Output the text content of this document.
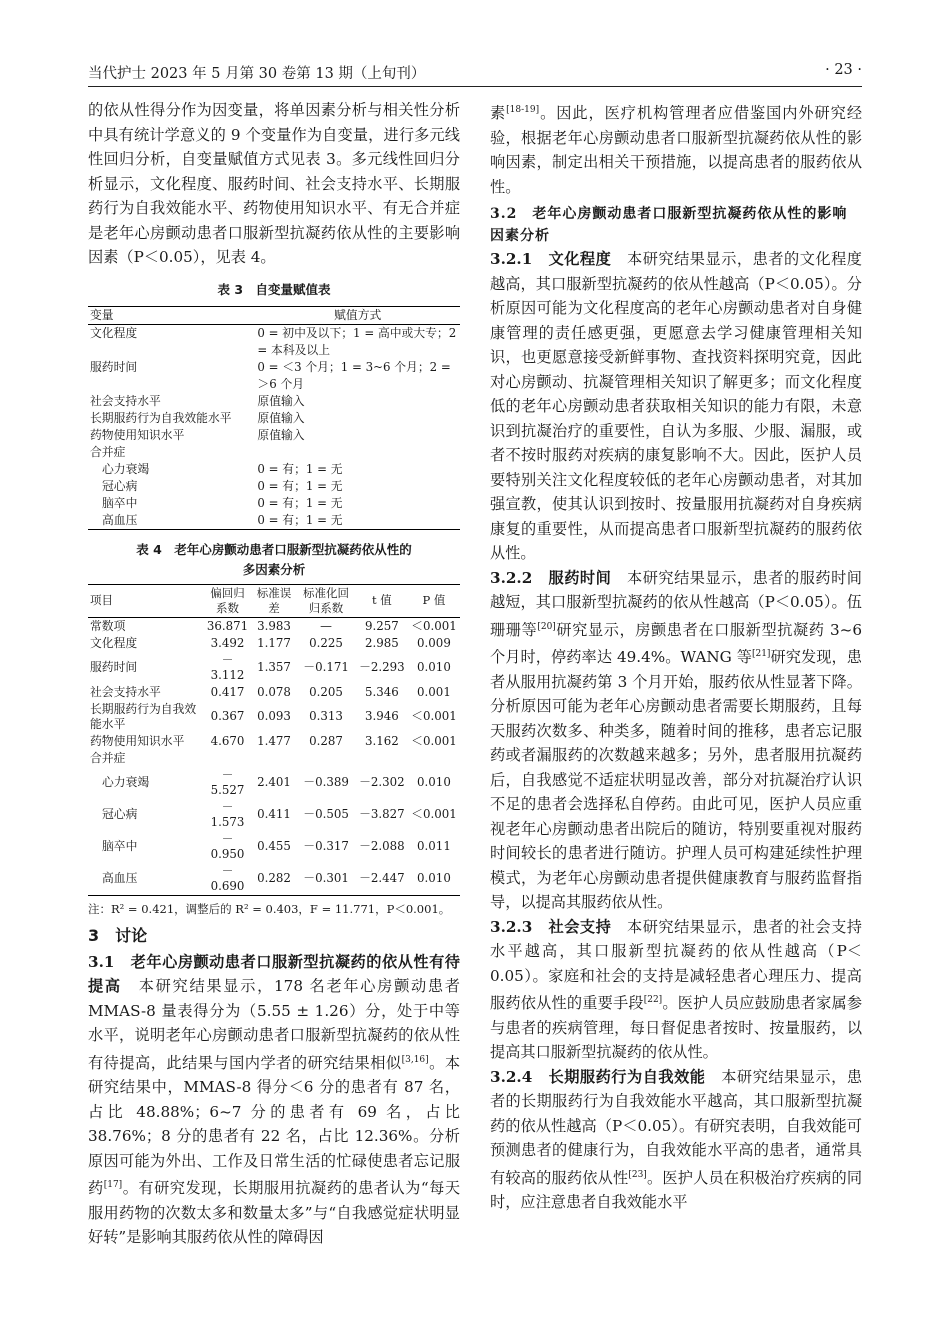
当代护士 2023 年 5 月第 30 卷第 13 期（上旬刊）	· 23 ·

的依从性得分作为因变量，将单因素分析与相关性分析中具有统计学意义的 9 个变量作为自变量，进行多元线性回归分析，自变量赋值方式见表 3。多元线性回归分析显示，文化程度、服药时间、社会支持水平、长期服药行为自我效能水平、药物使用知识水平、有无合并症是老年心房颤动患者口服新型抗凝药依从性的主要影响因素（P＜0.05），见表 4。

表 3　自变量赋值表
变量	赋值方式
文化程度	0 = 初中及以下；1 = 高中或大专；2 = 本科及以上
服药时间	0 = ＜3 个月；1 = 3~6 个月；2 = ＞6 个月
社会支持水平	原值输入
长期服药行为自我效能水平	原值输入
药物使用知识水平	原值输入
合并症	
心力衰竭	0 = 有；1 = 无
冠心病	0 = 有；1 = 无
脑卒中	0 = 有；1 = 无
高血压	0 = 有；1 = 无
表 4　老年心房颤动患者口服新型抗凝药依从性的
多因素分析
项目	偏回归系数	标准误差	标准化回归系数	t 值	P 值
常数项	36.871	3.983	—	9.257	＜0.001
文化程度	3.492	1.177	0.225	2.985	0.009
服药时间	－3.112	1.357	－0.171	－2.293	0.010
社会支持水平	0.417	0.078	0.205	5.346	0.001
长期服药行为自我效能水平	0.367	0.093	0.313	3.946	＜0.001
药物使用知识水平	4.670	1.477	0.287	3.162	＜0.001
合并症					
心力衰竭	－5.527	2.401	－0.389	－2.302	0.010
冠心病	－1.573	0.411	－0.505	－3.827	＜0.001
脑卒中	－0.950	0.455	－0.317	－2.088	0.011
高血压	－0.690	0.282	－0.301	－2.447	0.010
注：R² = 0.421，调整后的 R² = 0.403，F = 11.771，P＜0.001。
3　讨论

3.1　老年心房颤动患者口服新型抗凝药的依从性有待提高　本研究结果显示，178 名老年心房颤动患者 MMAS-8 量表得分为（5.55 ± 1.26）分，处于中等水平，说明老年心房颤动患者口服新型抗凝药的依从性有待提高，此结果与国内学者的研究结果相似[3,16]。本研究结果中，MMAS-8 得分＜6 分的患者有 87 名，占比 48.88%；6~7 分的患者有 69 名，占比 38.76%；8 分的患者有 22 名，占比 12.36%。分析原因可能为外出、工作及日常生活的忙碌使患者忘记服药[17]。有研究发现，长期服用抗凝药的患者认为“每天服用药物的次数太多和数量太多”与“自我感觉症状明显好转”是影响其服药依从性的障碍因

素[18-19]。因此，医疗机构管理者应借鉴国内外研究经验，根据老年心房颤动患者口服新型抗凝药依从性的影响因素，制定出相关干预措施，以提高患者的服药依从性。

3.2　老年心房颤动患者口服新型抗凝药依从性的影响因素分析

3.2.1　文化程度　本研究结果显示，患者的文化程度越高，其口服新型抗凝药的依从性越高（P＜0.05）。分析原因可能为文化程度高的老年心房颤动患者对自身健康管理的责任感更强，更愿意去学习健康管理相关知识，也更愿意接受新鲜事物、查找资料探明究竟，因此对心房颤动、抗凝管理相关知识了解更多；而文化程度低的老年心房颤动患者获取相关知识的能力有限，未意识到抗凝治疗的重要性，自认为多服、少服、漏服，或者不按时服药对疾病的康复影响不大。因此，医护人员要特别关注文化程度较低的老年心房颤动患者，对其加强宣教，使其认识到按时、按量服用抗凝药对自身疾病康复的重要性，从而提高患者口服新型抗凝药的服药依从性。

3.2.2　服药时间　本研究结果显示，患者的服药时间越短，其口服新型抗凝药的依从性越高（P＜0.05）。伍珊珊等[20]研究显示，房颤患者在口服新型抗凝药 3~6 个月时，停药率达 49.4%。WANG 等[21]研究发现，患者从服用抗凝药第 3 个月开始，服药依从性显著下降。分析原因可能为老年心房颤动患者需要长期服药，且每天服药次数多、种类多，随着时间的推移，患者忘记服药或者漏服药的次数越来越多；另外，患者服用抗凝药后，自我感觉不适症状明显改善，部分对抗凝治疗认识不足的患者会选择私自停药。由此可见，医护人员应重视老年心房颤动患者出院后的随访，特别要重视对服药时间较长的患者进行随访。护理人员可构建延续性护理模式，为老年心房颤动患者提供健康教育与服药监督指导，以提高其服药依从性。

3.2.3　社会支持　本研究结果显示，患者的社会支持水平越高，其口服新型抗凝药的依从性越高（P＜0.05）。家庭和社会的支持是减轻患者心理压力、提高服药依从性的重要手段[22]。医护人员应鼓励患者家属参与患者的疾病管理，每日督促患者按时、按量服药，以提高其口服新型抗凝药的依从性。

3.2.4　长期服药行为自我效能　本研究结果显示，患者的长期服药行为自我效能水平越高，其口服新型抗凝药的依从性越高（P＜0.05）。有研究表明，自我效能可预测患者的健康行为，自我效能水平高的患者，通常具有较高的服药依从性[23]。医护人员在积极治疗疾病的同时，应注意患者自我效能水平
